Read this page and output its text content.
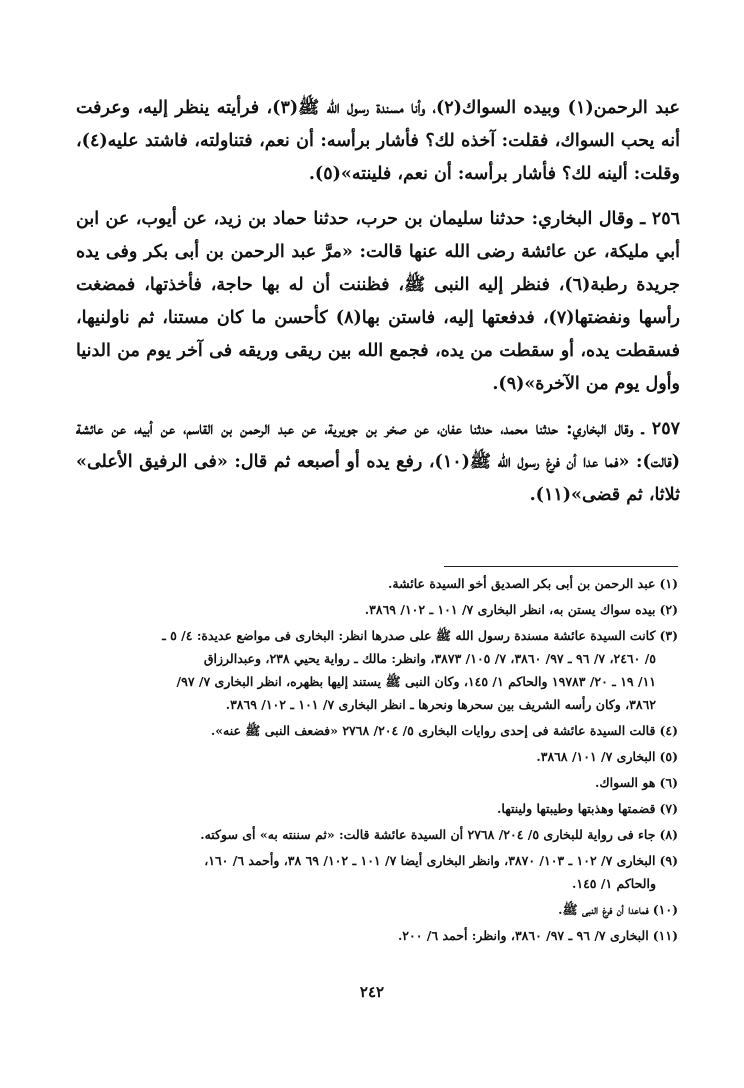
عبد الرحمن(١) وبيده السواك(٢)، وأنا مسندة رسول الله ﷺ(٣)، فرأيته ينظر إليه، وعرفت أنه يحب السواك، فقلت: آخذه لك؟ فأشار برأسه: أن نعم، فتناولته، فاشتد عليه(٤)، وقلت: ألينه لك؟ فأشار برأسه: أن نعم، فلينته»(٥).

٢٥٦ ـ وقال البخاري: حدثنا سليمان بن حرب، حدثنا حماد بن زيد، عن أيوب، عن ابن أبي مليكة، عن عائشة رضى الله عنها قالت: «مرَّ عبد الرحمن بن أبى بكر وفى يده جريدة رطبة(٦)، فنظر إليه النبى ﷺ، فظننت أن له بها حاجة، فأخذتها، فمضغت رأسها ونفضتها(٧)، فدفعتها إليه، فاستن بها(٨) كأحسن ما كان مستنا، ثم ناولنيها، فسقطت يده، أو سقطت من يده، فجمع الله بين ريقى وريقه فى آخر يوم من الدنيا وأول يوم من الآخرة»(٩).

٢٥٧ ـ وقال البخاري: حدثنا محمد، حدثنا عفان، عن صخر بن جويرية، عن عبد الرحمن بن القاسم، عن أبيه، عن عائشة (قالت): «فما عدا أن فرغ رسول الله ﷺ(١٠)، رفع يده أو أصبعه ثم قال: «فى الرفيق الأعلى» ثلاثا، ثم قضى»(١١).

(١)عبد الرحمن بن أبى بكر الصديق أخو السيدة عائشة.
(٢)بيده سواك يستن به، انظر البخارى ٧/ ١٠١ ـ ١٠٢/ ٣٨٦٩.
(٣)كانت السيدة عائشة مسندة رسول الله ﷺ على صدرها انظر: البخارى فى مواضع عديدة: ٤/ ٥ ـ
٥/ ٢٤٦٠، ٧/ ٩٦ ـ ٩٧/ ٣٨٦٠، ٧/ ١٠٥/ ٣٨٧٣، وانظر: مالك ـ رواية يحيي ٢٣٨، وعبدالرزاق
١١/ ١٩ ـ ٢٠/ ١٩٧٨٣ والحاكم ١/ ١٤٥، وكان النبى ﷺ يستند إليها بظهره، انظر البخارى ٧/ ٩٧/
٣٨٦٢، وكان رأسه الشريف بين سحرها ونحرها ـ انظر البخارى ٧/ ١٠١ ـ ١٠٢/ ٣٨٦٩.
(٤)قالت السيدة عائشة فى إحدى روايات البخارى ٥/ ٢٠٤/ ٢٧٦٨ «فضعف النبى ﷺ عنه».
(٥)البخارى ٧/ ١٠١/ ٣٨٦٨.
(٦)هو السواك.
(٧)قضمتها وهذبتها وطيبتها ولينتها.
(٨)جاء فى رواية للبخارى ٥/ ٢٠٤/ ٢٧٦٨ أن السيدة عائشة قالت: «ثم سننته به» أى سوكته.
(٩)البخارى ٧/ ١٠٢ ـ ١٠٣/ ٣٨٧٠، وانظر البخارى أيضا ٧/ ١٠١ ـ ١٠٢/ ٦٩ ٣٨، وأحمد ٦/ ١٦٠،
والحاكم ١/ ١٤٥.
(١٠)فماعدا أن فرغ النبى ﷺ.
(١١)البخارى ٧/ ٩٦ ـ ٩٧/ ٣٨٦٠، وانظر: أحمد ٦/ ٢٠٠.
٢٤٢
